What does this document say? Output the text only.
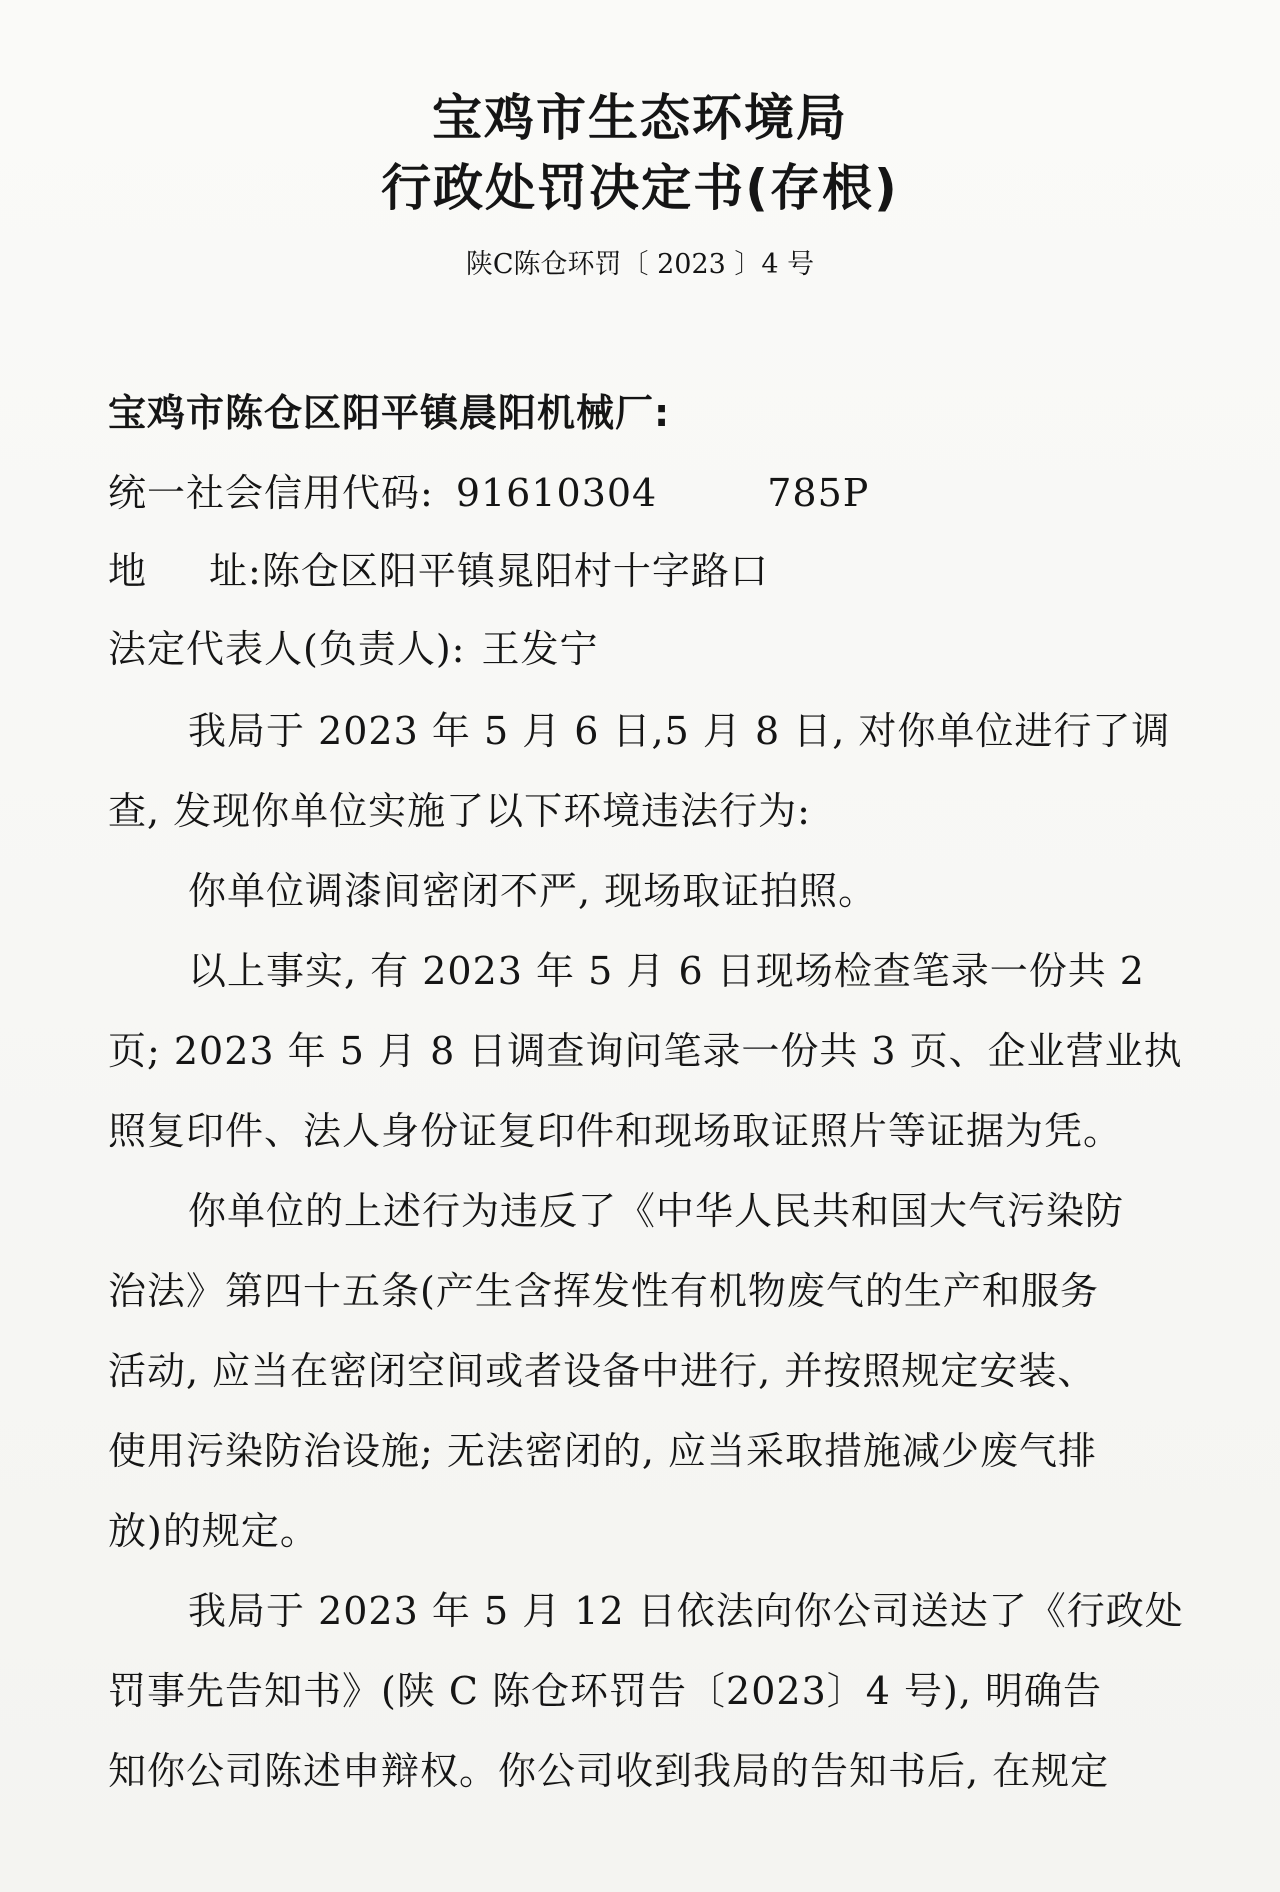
宝鸡市生态环境局
行政处罚决定书(存根)
陕C陈仓环罚〔 2023 〕4 号
宝鸡市陈仓区阳平镇晨阳机械厂:
统一社会信用代码: 91610304	785P
地 址:陈仓区阳平镇晁阳村十字路口
法定代表人(负责人): 王发宁
我局于 2023 年 5 月 6 日,5 月 8 日, 对你单位进行了调
查, 发现你单位实施了以下环境违法行为:
你单位调漆间密闭不严, 现场取证拍照。
以上事实, 有 2023 年 5 月 6 日现场检查笔录一份共 2
页; 2023 年 5 月 8 日调查询问笔录一份共 3 页、企业营业执
照复印件、法人身份证复印件和现场取证照片等证据为凭。
你单位的上述行为违反了《中华人民共和国大气污染防
治法》第四十五条(产生含挥发性有机物废气的生产和服务
活动, 应当在密闭空间或者设备中进行, 并按照规定安装、
使用污染防治设施; 无法密闭的, 应当采取措施减少废气排
放)的规定。
我局于 2023 年 5 月 12 日依法向你公司送达了《行政处
罚事先告知书》(陕 C 陈仓环罚告〔2023〕4 号), 明确告
知你公司陈述申辩权。你公司收到我局的告知书后, 在规定
